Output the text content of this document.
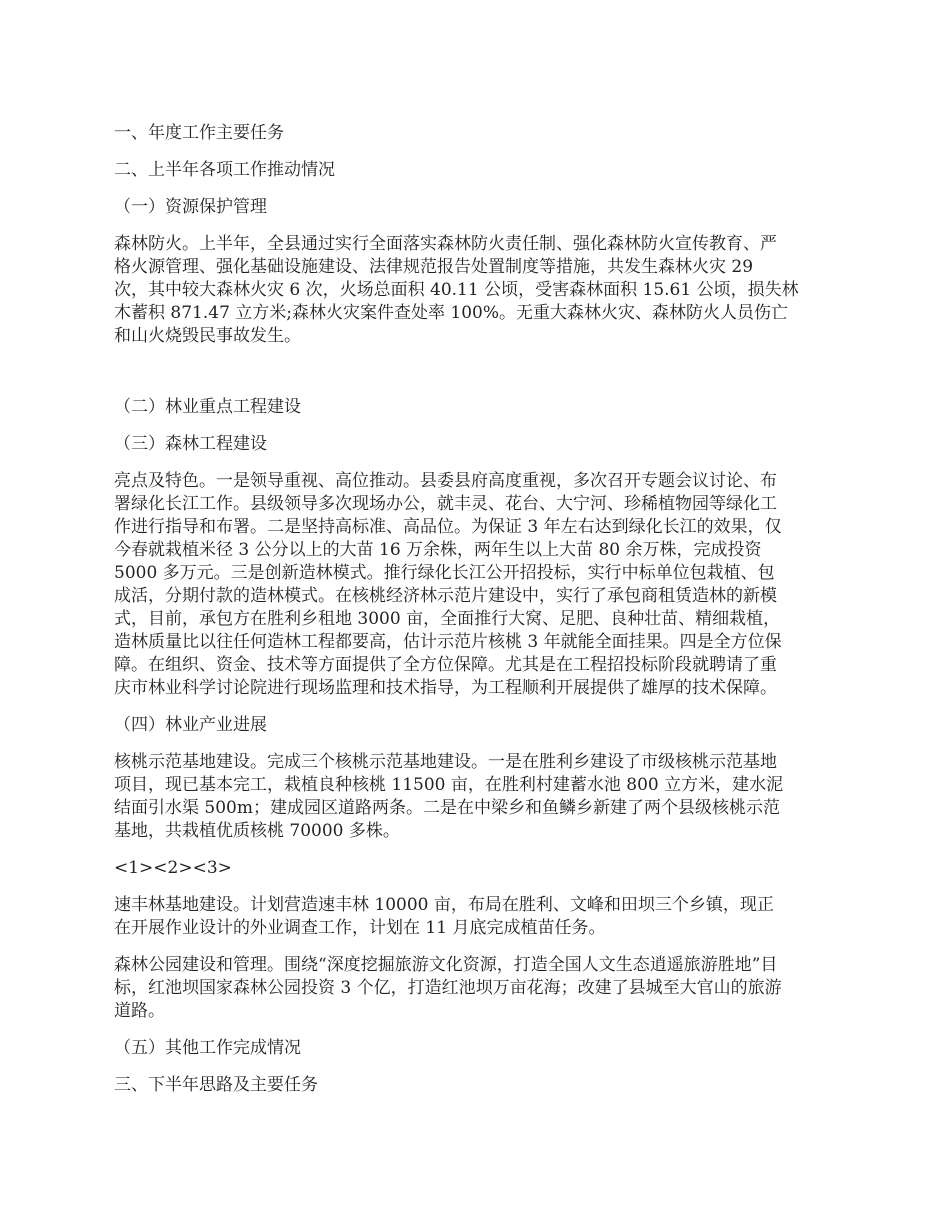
一、年度工作主要任务

二、上半年各项工作推动情况

（一）资源保护管理

森林防火。上半年，全县通过实行全面落实森林防火责任制、强化森林防火宣传教育、严

格火源管理、强化基础设施建设、法律规范报告处置制度等措施，共发生森林火灾 29

次，其中较大森林火灾 6 次，火场总面积 40.11 公顷，受害森林面积 15.61 公顷，损失林

木蓄积 871.47 立方米;森林火灾案件查处率 100%。无重大森林火灾、森林防火人员伤亡

和山火烧毁民事故发生。

（二）林业重点工程建设

（三）森林工程建设

亮点及特色。一是领导重视、高位推动。县委县府高度重视，多次召开专题会议讨论、布

署绿化长江工作。县级领导多次现场办公，就丰灵、花台、大宁河、珍稀植物园等绿化工

作进行指导和布署。二是坚持高标准、高品位。为保证 3 年左右达到绿化长江的效果，仅

今春就栽植米径 3 公分以上的大苗 16 万余株，两年生以上大苗 80 余万株，完成投资

5000 多万元。三是创新造林模式。推行绿化长江公开招投标，实行中标单位包栽植、包

成活，分期付款的造林模式。在核桃经济林示范片建设中，实行了承包商租赁造林的新模

式，目前，承包方在胜利乡租地 3000 亩，全面推行大窝、足肥、良种壮苗、精细栽植，

造林质量比以往任何造林工程都要高，估计示范片核桃 3 年就能全面挂果。四是全方位保

障。在组织、资金、技术等方面提供了全方位保障。尤其是在工程招投标阶段就聘请了重

庆市林业科学讨论院进行现场监理和技术指导，为工程顺利开展提供了雄厚的技术保障。

（四）林业产业进展

核桃示范基地建设。完成三个核桃示范基地建设。一是在胜利乡建设了市级核桃示范基地

项目，现已基本完工，栽植良种核桃 11500 亩，在胜利村建蓄水池 800 立方米，建水泥

结面引水渠 500m；建成园区道路两条。二是在中梁乡和鱼鳞乡新建了两个县级核桃示范

基地，共栽植优质核桃 70000 多株。

<1><2><3>

速丰林基地建设。计划营造速丰林 10000 亩，布局在胜利、文峰和田坝三个乡镇，现正

在开展作业设计的外业调查工作，计划在 11 月底完成植苗任务。

森林公园建设和管理。围绕“深度挖掘旅游文化资源，打造全国人文生态逍遥旅游胜地”目

标，红池坝国家森林公园投资 3 个亿，打造红池坝万亩花海；改建了县城至大官山的旅游

道路。

（五）其他工作完成情况

三、下半年思路及主要任务
